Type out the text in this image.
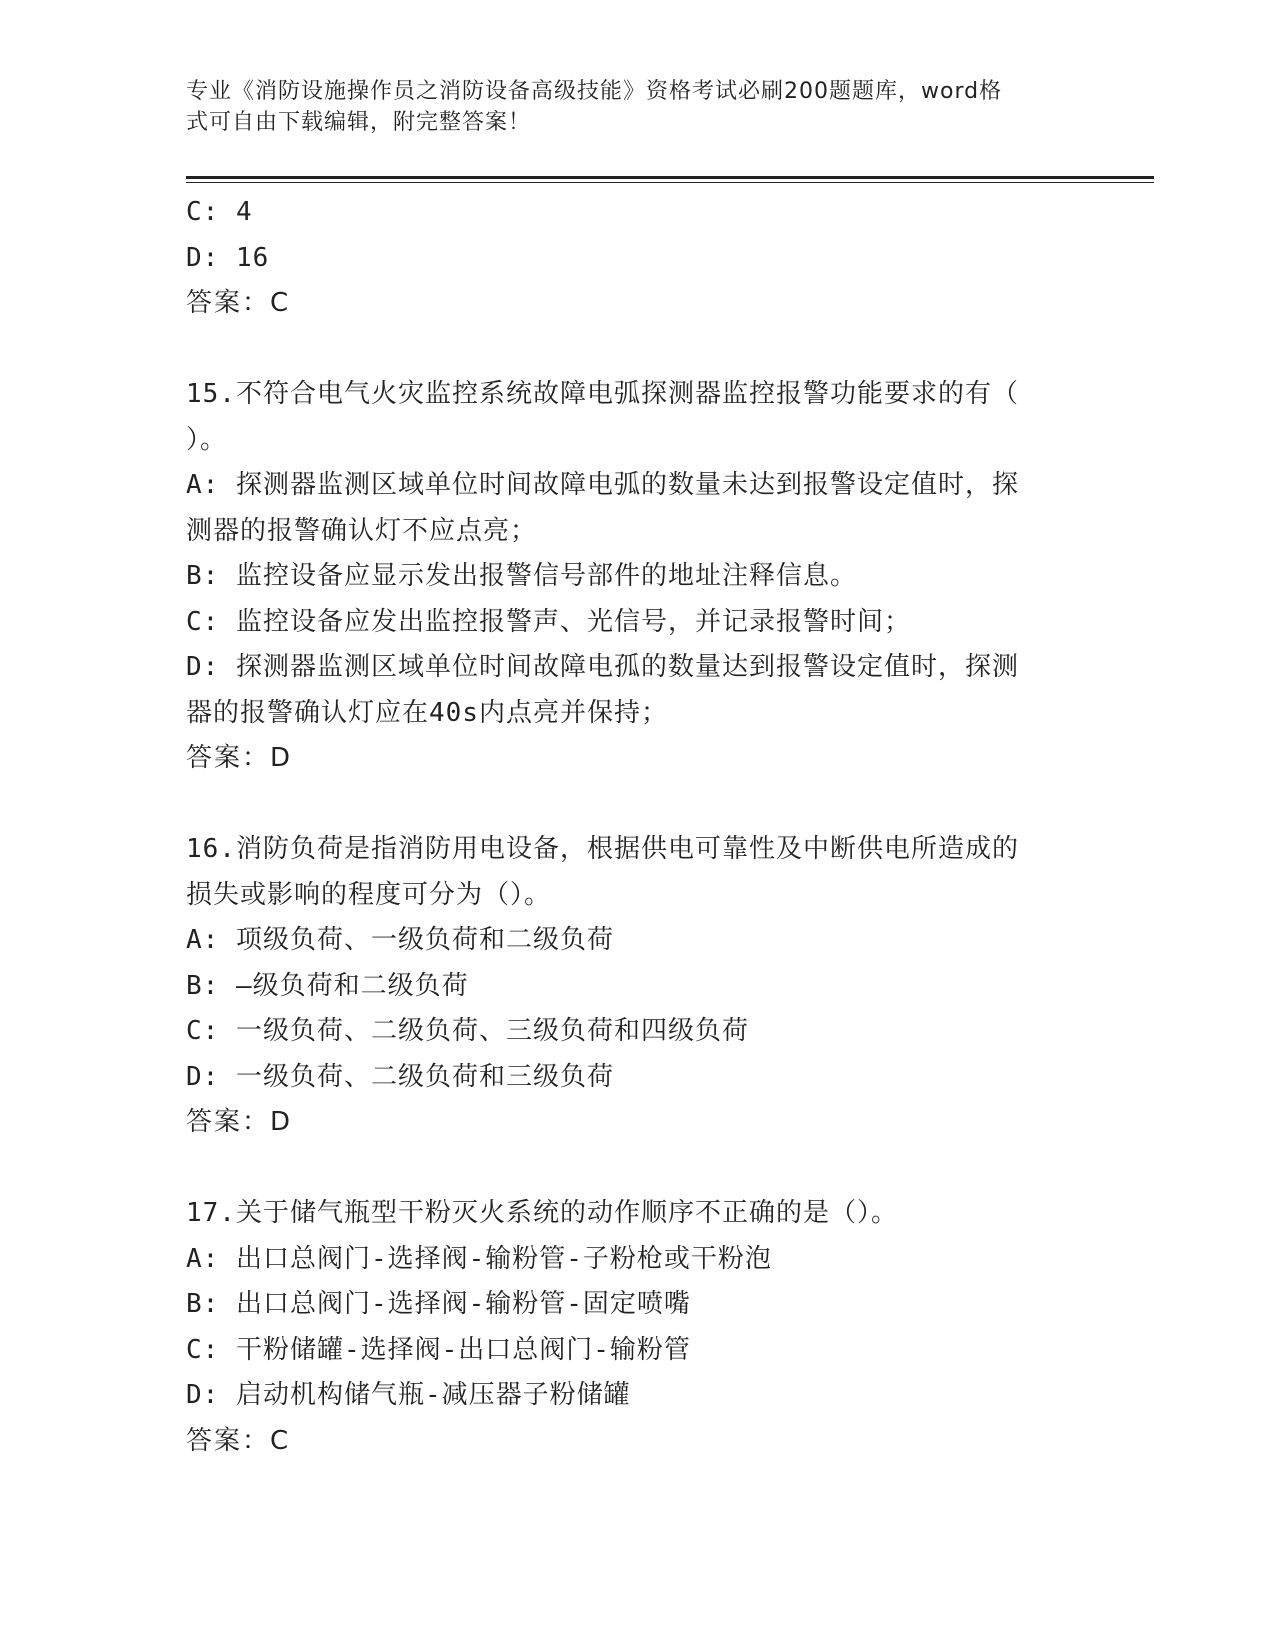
专业《消防设施操作员之消防设备高级技能》资格考试必刷200题题库，word格
式可自由下载编辑，附完整答案！
C: 4
D: 16
答案：C
15.不符合电气火灾监控系统故障电弧探测器监控报警功能要求的有（
）。
A: 探测器监测区域单位时间故障电弧的数量未达到报警设定值时，探
测器的报警确认灯不应点亮；
B: 监控设备应显示发出报警信号部件的地址注释信息。
C: 监控设备应发出监控报警声、光信号，并记录报警时间；
D: 探测器监测区域单位时间故障电孤的数量达到报警设定值时，探测
器的报警确认灯应在40s内点亮并保持；
答案：D
16.消防负荷是指消防用电设备，根据供电可靠性及中断供电所造成的
损失或影响的程度可分为（）。
A: 项级负荷、一级负荷和二级负荷
B: —级负荷和二级负荷
C: 一级负荷、二级负荷、三级负荷和四级负荷
D: 一级负荷、二级负荷和三级负荷
答案：D
17.关于储气瓶型干粉灭火系统的动作顺序不正确的是（）。
A: 出口总阀门-选择阀-输粉管-子粉枪或干粉泡
B: 出口总阀门-选择阀-输粉管-固定喷嘴
C: 干粉储罐-选择阀-出口总阀门-输粉管
D: 启动机构储气瓶-减压器子粉储罐
答案：C
